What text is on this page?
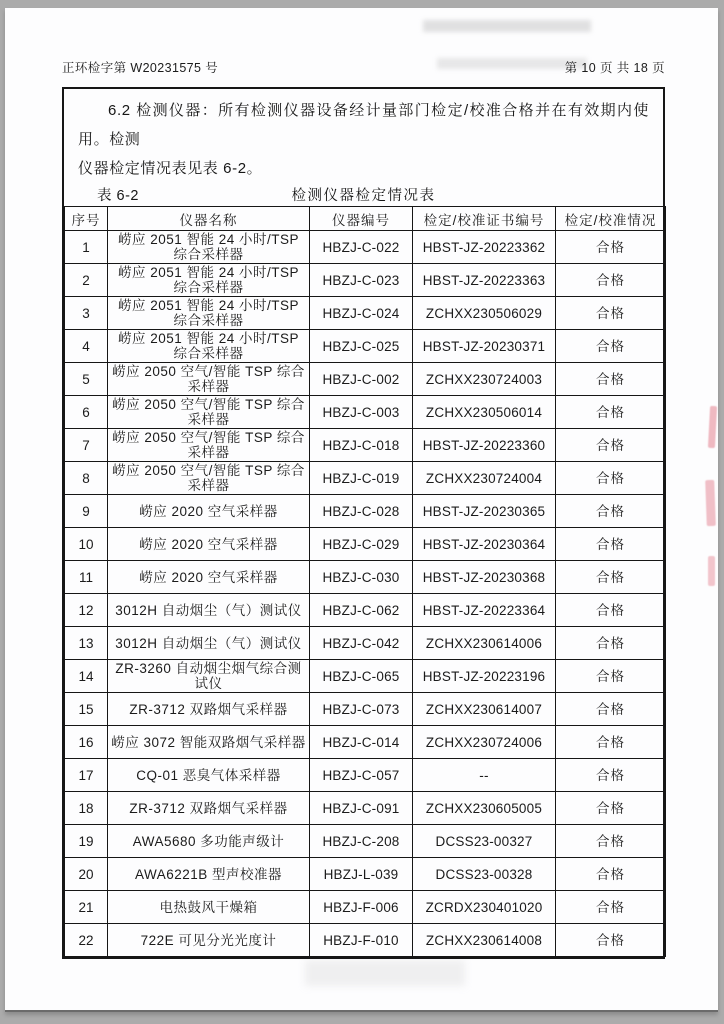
正环检字第 W20231575 号	第 10 页 共 18 页
6.2 检测仪器：所有检测仪器设备经计量部门检定/校准合格并在有效期内使用。检测
仪器检定情况表见表 6-2。
表 6-2	检测仪器检定情况表
序号	仪器名称	仪器编号	检定/校准证书编号	检定/校准情况
1	崂应 2051 智能 24 小时/TSP 综合采样器	HBZJ-C-022	HBST-JZ-20223362	合格
2	崂应 2051 智能 24 小时/TSP 综合采样器	HBZJ-C-023	HBST-JZ-20223363	合格
3	崂应 2051 智能 24 小时/TSP 综合采样器	HBZJ-C-024	ZCHXX230506029	合格
4	崂应 2051 智能 24 小时/TSP 综合采样器	HBZJ-C-025	HBST-JZ-20230371	合格
5	崂应 2050 空气/智能 TSP 综合采样器	HBZJ-C-002	ZCHXX230724003	合格
6	崂应 2050 空气/智能 TSP 综合采样器	HBZJ-C-003	ZCHXX230506014	合格
7	崂应 2050 空气/智能 TSP 综合采样器	HBZJ-C-018	HBST-JZ-20223360	合格
8	崂应 2050 空气/智能 TSP 综合采样器	HBZJ-C-019	ZCHXX230724004	合格
9	崂应 2020 空气采样器	HBZJ-C-028	HBST-JZ-20230365	合格
10	崂应 2020 空气采样器	HBZJ-C-029	HBST-JZ-20230364	合格
11	崂应 2020 空气采样器	HBZJ-C-030	HBST-JZ-20230368	合格
12	3012H 自动烟尘（气）测试仪	HBZJ-C-062	HBST-JZ-20223364	合格
13	3012H 自动烟尘（气）测试仪	HBZJ-C-042	ZCHXX230614006	合格
14	ZR-3260 自动烟尘烟气综合测试仪	HBZJ-C-065	HBST-JZ-20223196	合格
15	ZR-3712 双路烟气采样器	HBZJ-C-073	ZCHXX230614007	合格
16	崂应 3072 智能双路烟气采样器	HBZJ-C-014	ZCHXX230724006	合格
17	CQ-01 恶臭气体采样器	HBZJ-C-057	--	合格
18	ZR-3712 双路烟气采样器	HBZJ-C-091	ZCHXX230605005	合格
19	AWA5680 多功能声级计	HBZJ-C-208	DCSS23-00327	合格
20	AWA6221B 型声校准器	HBZJ-L-039	DCSS23-00328	合格
21	电热鼓风干燥箱	HBZJ-F-006	ZCRDX230401020	合格
22	722E 可见分光光度计	HBZJ-F-010	ZCHXX230614008	合格
